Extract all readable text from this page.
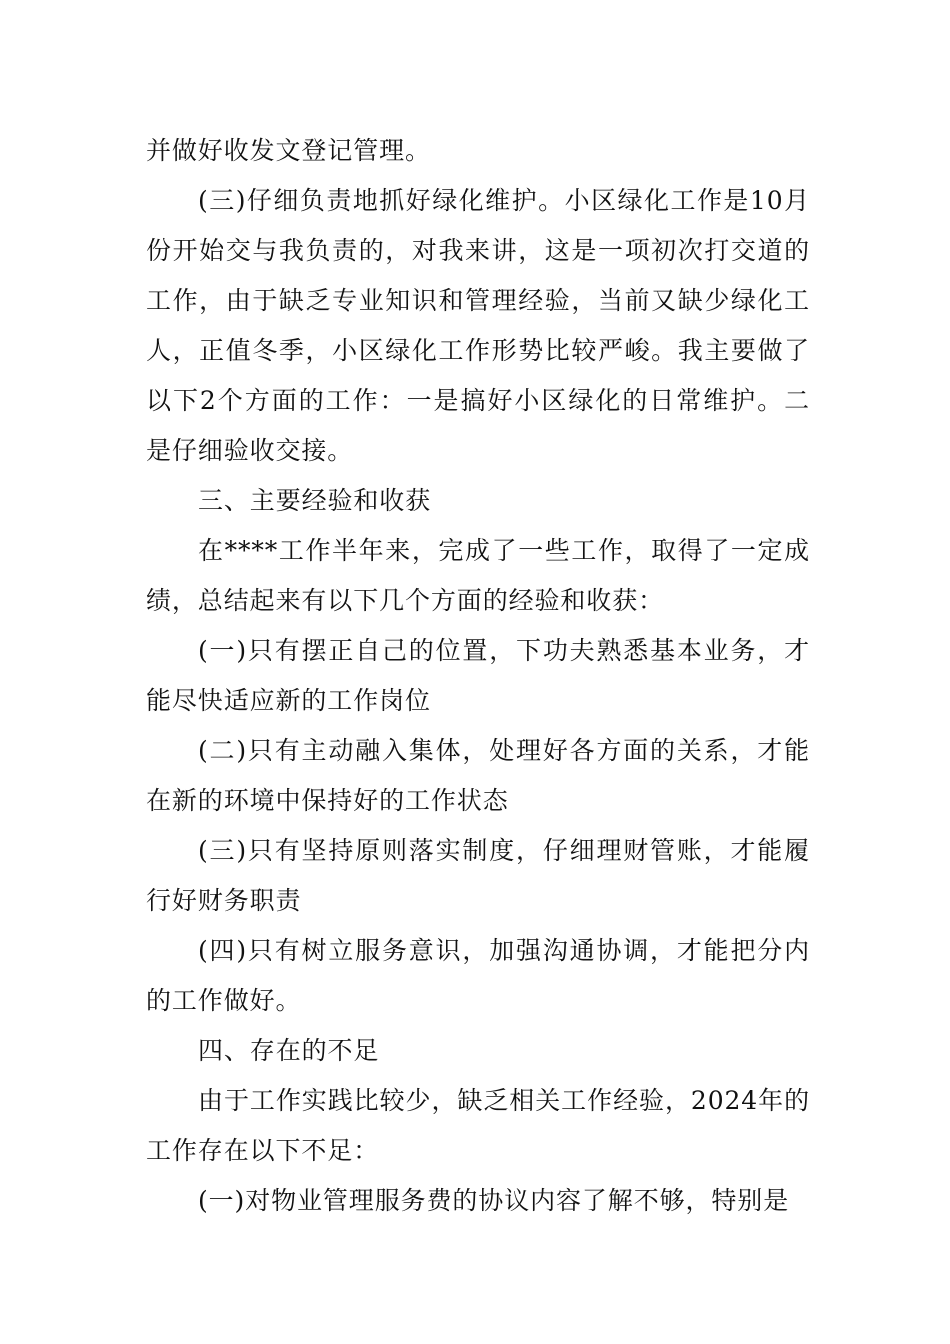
并做好收发文登记管理。

(三)仔细负责地抓好绿化维护。小区绿化工作是10月份开始交与我负责的，对我来讲，这是一项初次打交道的工作，由于缺乏专业知识和管理经验，当前又缺少绿化工人，正值冬季，小区绿化工作形势比较严峻。我主要做了以下2个方面的工作：一是搞好小区绿化的日常维护。二是仔细验收交接。

三、主要经验和收获

在****工作半年来，完成了一些工作，取得了一定成绩，总结起来有以下几个方面的经验和收获：

(一)只有摆正自己的位置，下功夫熟悉基本业务，才能尽快适应新的工作岗位

(二)只有主动融入集体，处理好各方面的关系，才能在新的环境中保持好的工作状态

(三)只有坚持原则落实制度，仔细理财管账，才能履行好财务职责

(四)只有树立服务意识，加强沟通协调，才能把分内的工作做好。

四、存在的不足

由于工作实践比较少，缺乏相关工作经验，2024年的工作存在以下不足：

(一)对物业管理服务费的协议内容了解不够，特别是
